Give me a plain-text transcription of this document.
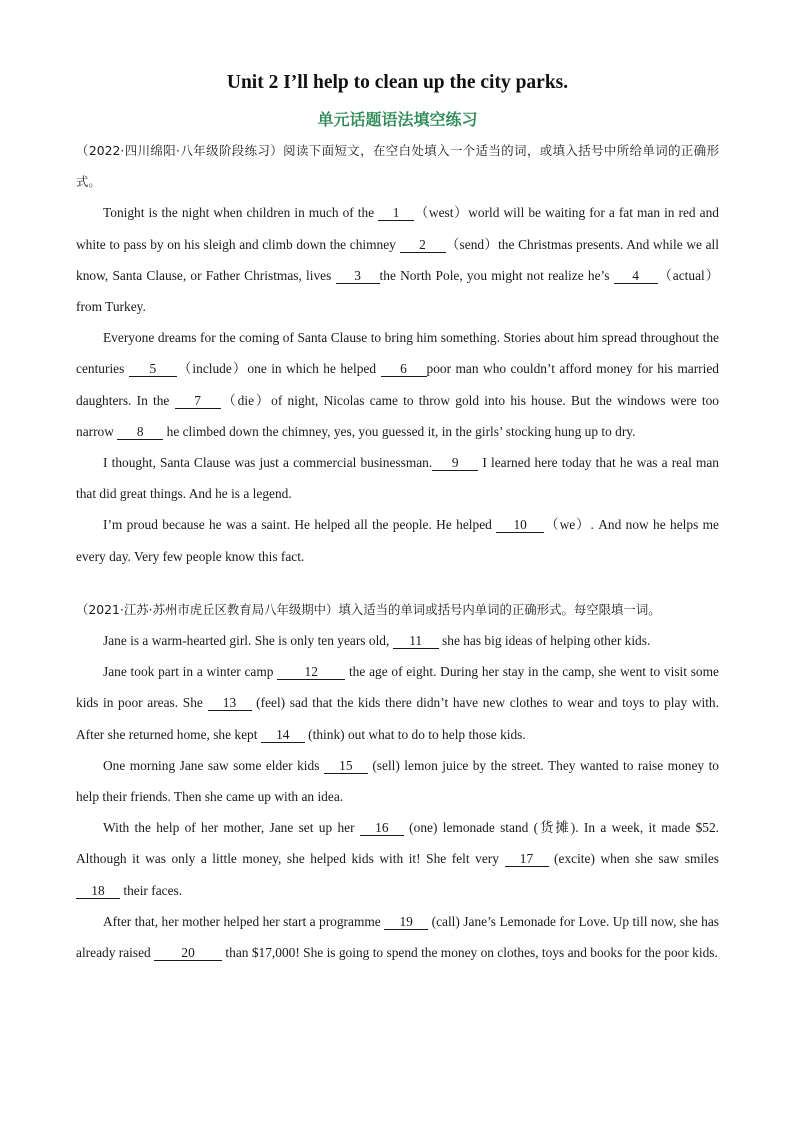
Unit 2 I’ll help to clean up the city parks.
单元话题语法填空练习

（2022·四川绵阳·八年级阶段练习）阅读下面短文，在空白处填入一个适当的词，或填入括号中所给单词的正确形式。

Tonight is the night when children in much of the 1 （west）world will be waiting for a fat man in red and white to pass by on his sleigh and climb down the chimney 2 （send）the Christmas presents. And while we all know, Santa Clause, or Father Christmas, lives 3 the North Pole, you might not realize he’s 4 （actual）from Turkey.

Everyone dreams for the coming of Santa Clause to bring him something. Stories about him spread throughout the centuries 5 （include）one in which he helped 6 poor man who couldn’t afford money for his married daughters. In the 7 （die）of night, Nicolas came to throw gold into his house. But the windows were too narrow 8 he climbed down the chimney, yes, you guessed it, in the girls’ stocking hung up to dry.

I thought, Santa Clause was just a commercial businessman. 9 I learned here today that he was a real man that did great things. And he is a legend.

I’m proud because he was a saint. He helped all the people. He helped 10 （we）. And now he helps me every day. Very few people know this fact.

（2021·江苏·苏州市虎丘区教育局八年级期中）填入适当的单词或括号内单词的正确形式。每空限填一词。

Jane is a warm-hearted girl. She is only ten years old, 11 she has big ideas of helping other kids.

Jane took part in a winter camp 12 the age of eight. During her stay in the camp, she went to visit some kids in poor areas. She 13 (feel) sad that the kids there didn’t have new clothes to wear and toys to play with. After she returned home, she kept 14 (think) out what to do to help those kids.

One morning Jane saw some elder kids 15 (sell) lemon juice by the street. They wanted to raise money to help their friends. Then she came up with an idea.

With the help of her mother, Jane set up her 16 (one) lemonade stand (货摊). In a week, it made $52. Although it was only a little money, she helped kids with it! She felt very 17 (excite) when she saw smiles 18 their faces.

After that, her mother helped her start a programme 19 (call) Jane’s Lemonade for Love. Up till now, she has already raised 20 than $17,000! She is going to spend the money on clothes, toys and books for the poor kids.
